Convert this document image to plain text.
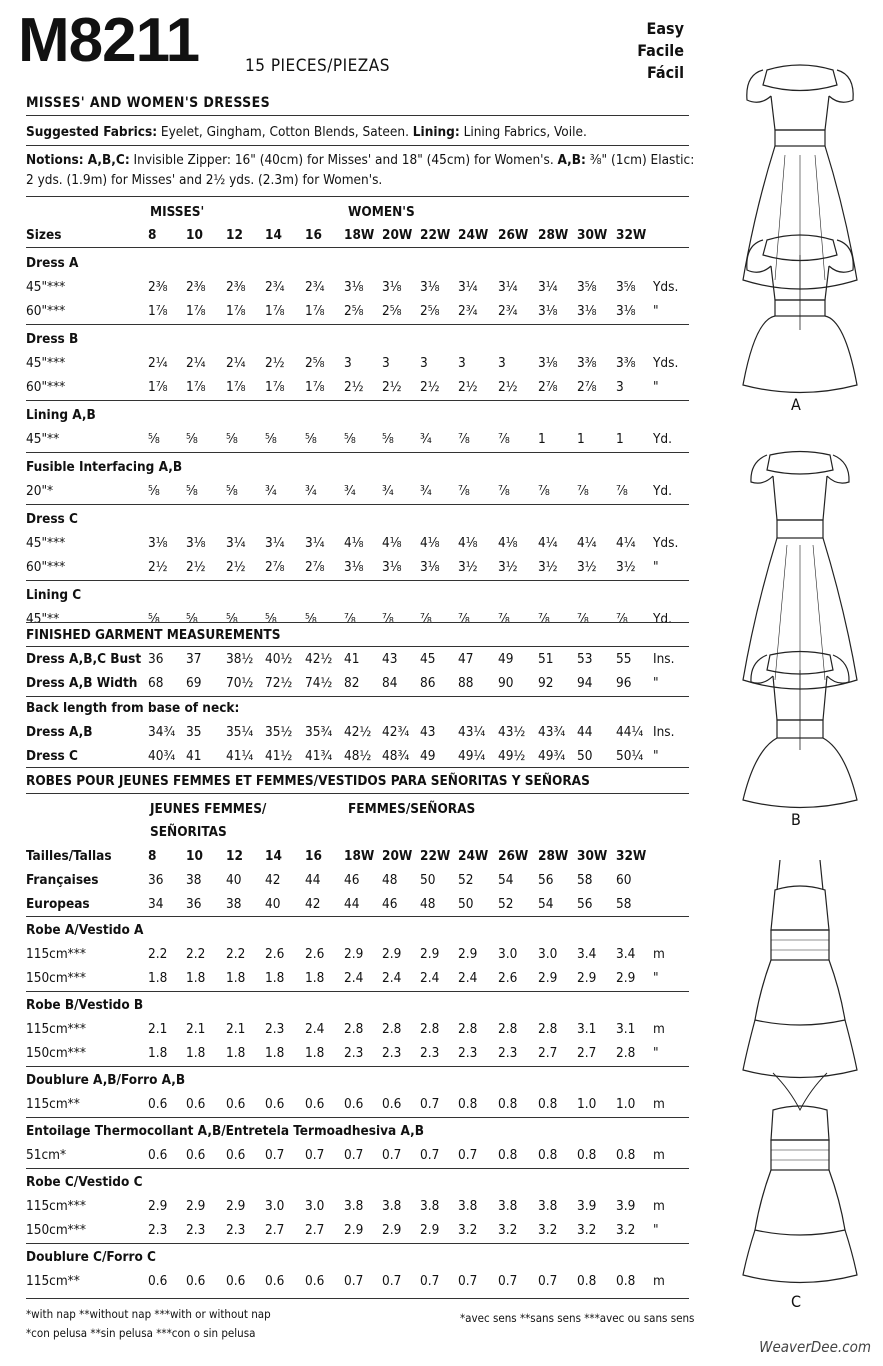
M8211	15 PIECES/PIEZAS
Easy
Facile
Fácil
MISSES' AND WOMEN'S DRESSES
Suggested Fabrics: Eyelet, Gingham, Cotton Blends, Sateen. Lining: Lining Fabrics, Voile.
Notions: A,B,C: Invisible Zipper: 16" (40cm) for Misses' and 18" (45cm) for Women's. A,B: ⅜" (1cm) Elastic:
2 yds. (1.9m) for Misses' and 2½ yds. (2.3m) for Women's.
MISSES'	WOMEN'S
Sizes	8 10 12 14 16 18W 20W 22W 24W 26W 28W 30W 32W
Dress A
45"***	2⅜ 2⅜ 2⅜ 2¾ 2¾ 3⅛ 3⅛ 3⅛ 3¼ 3¼ 3¼ 3⅝ 3⅝ Yds.
60"***	1⅞ 1⅞ 1⅞ 1⅞ 1⅞ 2⅝ 2⅝ 2⅝ 2¾ 2¾ 3⅛ 3⅛ 3⅛ "
Dress B
45"***	2¼ 2¼ 2¼ 2½ 2⅝ 3 3 3 3 3 3⅛ 3⅜ 3⅜ Yds.
60"***	1⅞ 1⅞ 1⅞ 1⅞ 1⅞ 2½ 2½ 2½ 2½ 2½ 2⅞ 2⅞ 3 "
Lining A,B
45"**	⅝ ⅝ ⅝ ⅝ ⅝ ⅝ ⅝ ¾ ⅞ ⅞ 1 1 1 Yd.
Fusible Interfacing A,B
20"*	⅝ ⅝ ⅝ ¾ ¾ ¾ ¾ ¾ ⅞ ⅞ ⅞ ⅞ ⅞ Yd.
Dress C
45"***	3⅛ 3⅛ 3¼ 3¼ 3¼ 4⅛ 4⅛ 4⅛ 4⅛ 4⅛ 4¼ 4¼ 4¼ Yds.
60"***	2½ 2½ 2½ 2⅞ 2⅞ 3⅛ 3⅛ 3⅛ 3½ 3½ 3½ 3½ 3½ "
Lining C
45"**	⅝ ⅝ ⅝ ⅝ ⅝ ⅞ ⅞ ⅞ ⅞ ⅞ ⅞ ⅞ ⅞ Yd.
FINISHED GARMENT MEASUREMENTS
Dress A,B,C Bust 36 37 38½ 40½ 42½ 41 43 45 47 49 51 53 55 Ins.
Dress A,B Width 68 69 70½ 72½ 74½ 82 84 86 88 90 92 94 96 "
Back length from base of neck:
Dress A,B	34¾ 35 35¼ 35½ 35¾ 42½ 42¾ 43 43¼ 43½ 43¾ 44 44¼ Ins.
Dress C	40¾ 41 41¼ 41½ 41¾ 48½ 48¾ 49 49¼ 49½ 49¾ 50 50¼ "
ROBES POUR JEUNES FEMMES ET FEMMES/VESTIDOS PARA SEÑORITAS Y SEÑORAS
JEUNES FEMMES/
SEÑORITAS
FEMMES/SEÑORAS
Tailles/Tallas	8 10 12 14 16 18W 20W 22W 24W 26W 28W 30W 32W
Françaises	36 38 40 42 44 46 48 50 52 54 56 58 60
Europeas	34 36 38 40 42 44 46 48 50 52 54 56 58
Robe A/Vestido A
115cm***	2.2 2.2 2.2 2.6 2.6 2.9 2.9 2.9 2.9 3.0 3.0 3.4 3.4 m
150cm***	1.8 1.8 1.8 1.8 1.8 2.4 2.4 2.4 2.4 2.6 2.9 2.9 2.9 "
Robe B/Vestido B
115cm***	2.1 2.1 2.1 2.3 2.4 2.8 2.8 2.8 2.8 2.8 2.8 3.1 3.1 m
150cm***	1.8 1.8 1.8 1.8 1.8 2.3 2.3 2.3 2.3 2.3 2.7 2.7 2.8 "
Doublure A,B/Forro A,B
115cm**	0.6 0.6 0.6 0.6 0.6 0.6 0.6 0.7 0.8 0.8 0.8 1.0 1.0 m
Entoilage Thermocollant A,B/Entretela Termoadhesiva A,B
51cm*	0.6 0.6 0.6 0.7 0.7 0.7 0.7 0.7 0.7 0.8 0.8 0.8 0.8 m
Robe C/Vestido C
115cm***	2.9 2.9 2.9 3.0 3.0 3.8 3.8 3.8 3.8 3.8 3.8 3.9 3.9 m
150cm***	2.3 2.3 2.3 2.7 2.7 2.9 2.9 2.9 3.2 3.2 3.2 3.2 3.2 "
Doublure C/Forro C
115cm**	0.6 0.6 0.6 0.6 0.6 0.7 0.7 0.7 0.7 0.7 0.7 0.8 0.8 m
*with nap **without nap ***with or without nap
*con pelusa **sin pelusa ***con o sin pelusa
*avec sens **sans sens ***avec ou sans sens
A
B
C
WeaverDee.com
